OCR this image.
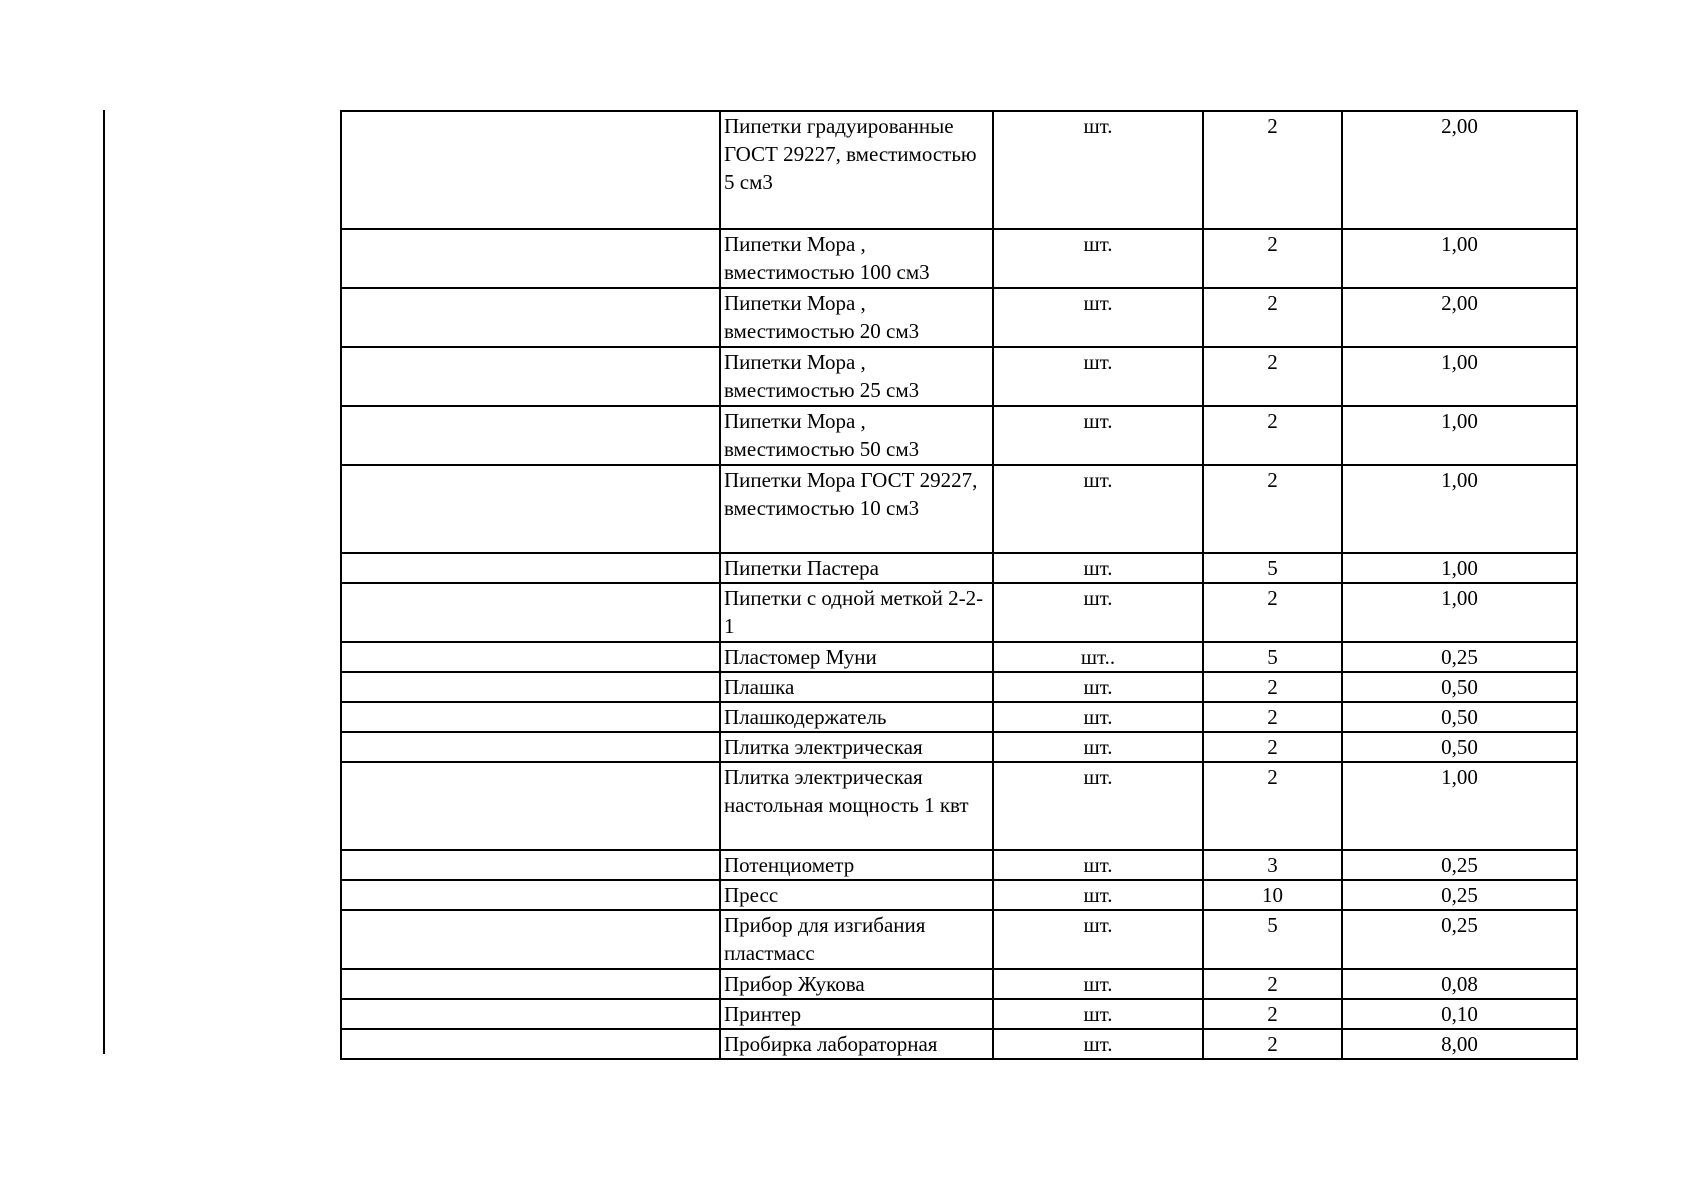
	Пипетки градуированные ГОСТ 29227, вместимостью 5 см3	шт.	2	2,00
	Пипетки Мора , вместимостью 100 см3	шт.	2	1,00
	Пипетки Мора , вместимостью 20 см3	шт.	2	2,00
	Пипетки Мора , вместимостью 25 см3	шт.	2	1,00
	Пипетки Мора , вместимостью 50 см3	шт.	2	1,00
	Пипетки Мора ГОСТ 29227, вместимостью 10 см3	шт.	2	1,00
	Пипетки Пастера	шт.	5	1,00
	Пипетки с одной меткой 2-2-1	шт.	2	1,00
	Пластомер Муни	шт..	5	0,25
	Плашка	шт.	2	0,50
	Плашкодержатель	шт.	2	0,50
	Плитка электрическая	шт.	2	0,50
	Плитка электрическая настольная мощность 1 квт	шт.	2	1,00
	Потенциометр	шт.	3	0,25
	Пресс	шт.	10	0,25
	Прибор для изгибания пластмасс	шт.	5	0,25
	Прибор Жукова	шт.	2	0,08
	Принтер	шт.	2	0,10
	Пробирка лабораторная	шт.	2	8,00
